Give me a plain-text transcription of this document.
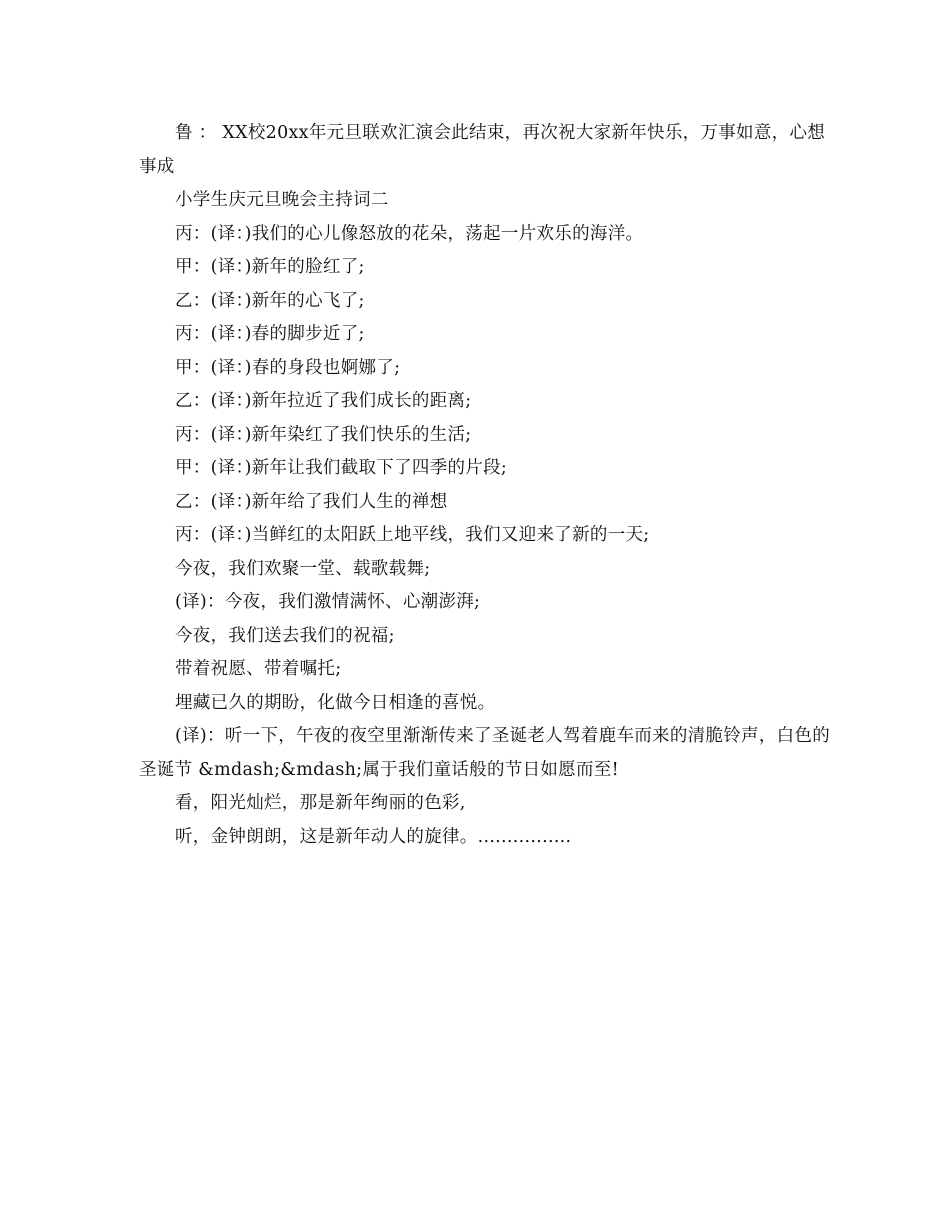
鲁 ： XX校20xx年元旦联欢汇演会此结束，再次祝大家新年快乐，万事如意，心想事成

小学生庆元旦晚会主持词二

丙：(译：)我们的心儿像怒放的花朵，荡起一片欢乐的海洋。

甲：(译：)新年的脸红了;

乙：(译：)新年的心飞了;

丙：(译：)春的脚步近了;

甲：(译：)春的身段也婀娜了;

乙：(译：)新年拉近了我们成长的距离;

丙：(译：)新年染红了我们快乐的生活;

甲：(译：)新年让我们截取下了四季的片段;

乙：(译：)新年给了我们人生的禅想

丙：(译：)当鲜红的太阳跃上地平线，我们又迎来了新的一天;

今夜，我们欢聚一堂、载歌载舞;

(译)：今夜，我们激情满怀、心潮澎湃;

今夜，我们送去我们的祝福;

带着祝愿、带着嘱托;

埋藏已久的期盼，化做今日相逢的喜悦。

(译)：听一下，午夜的夜空里渐渐传来了圣诞老人驾着鹿车而来的清脆铃声，白色的圣诞节 &mdash;&mdash;属于我们童话般的节日如愿而至!

看，阳光灿烂，那是新年绚丽的色彩,

听，金钟朗朗，这是新年动人的旋律。................
